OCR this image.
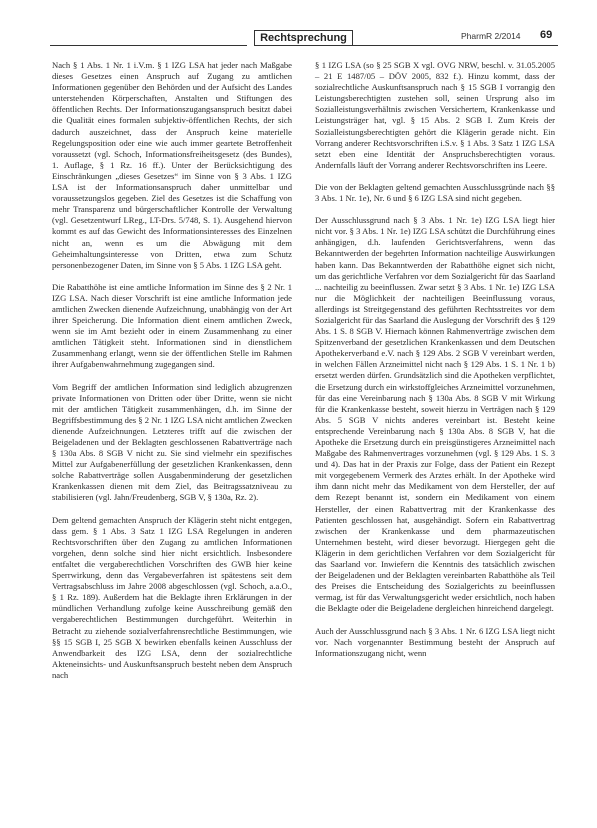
Rechtsprechung	PharmR 2/2014 69

Nach § 1 Abs. 1 Nr. 1 i.V.m. § 1 IZG LSA hat jeder nach Maßgabe dieses Gesetzes einen Anspruch auf Zugang zu amtlichen Informationen gegenüber den Behörden und der Aufsicht des Landes unterstehenden Körperschaften, Anstalten und Stiftungen des öffentlichen Rechts. Der Informationszugangsanspruch besitzt dabei die Qualität eines formalen subjektiv-öffentlichen Rechts, der sich dadurch auszeichnet, dass der Anspruch keine materielle Regelungsposition oder eine wie auch immer geartete Betroffenheit voraussetzt (vgl. Schoch, Informationsfreiheitsgesetz (des Bundes), 1. Auflage, § 1 Rz. 16 ff.). Unter der Berücksichtigung des Einschränkungen „dieses Gesetzes“ im Sinne von § 3 Abs. 1 IZG LSA ist der Informationsanspruch daher unmittelbar und voraussetzungslos gegeben. Ziel des Gesetzes ist die Schaffung von mehr Transparenz und bürgerschaftlicher Kontrolle der Verwaltung (vgl. Gesetzentwurf LReg., LT-Drs. 5/748, S. 1). Ausgehend hiervon kommt es auf das Gewicht des Informationsinteresses des Einzelnen nicht an, wenn es um die Abwägung mit dem Geheimhaltungsinteresse von Dritten, etwa zum Schutz personenbezogener Daten, im Sinne von § 5 Abs. 1 IZG LSA geht.

Die Rabatthöhe ist eine amtliche Information im Sinne des § 2 Nr. 1 IZG LSA. Nach dieser Vorschrift ist eine amtliche Information jede amtlichen Zwecken dienende Aufzeichnung, unabhängig von der Art ihrer Speicherung. Die Information dient einem amtlichen Zweck, wenn sie im Amt bezieht oder in einem Zusammenhang zu einer amtlichen Tätigkeit steht. Informationen sind in dienstlichem Zusammenhang erlangt, wenn sie der öffentlichen Stelle im Rahmen ihrer Aufgabenwahrnehmung zugegangen sind.

Vom Begriff der amtlichen Information sind lediglich abzugrenzen private Informationen von Dritten oder über Dritte, wenn sie nicht mit der amtlichen Tätigkeit zusammenhängen, d.h. im Sinne der Begriffsbestimmung des § 2 Nr. 1 IZG LSA nicht amtlichen Zwecken dienende Aufzeichnungen. Letzteres trifft auf die zwischen der Beigeladenen und der Beklagten geschlossenen Rabattverträge nach § 130a Abs. 8 SGB V nicht zu. Sie sind vielmehr ein spezifisches Mittel zur Aufgabenerfüllung der gesetzlichen Krankenkassen, denn solche Rabattverträge sollen Ausgabenminderung der gesetzlichen Krankenkassen dienen mit dem Ziel, das Beitragssatzniveau zu stabilisieren (vgl. Jahn/Freudenberg, SGB V, § 130a, Rz. 2).

Dem geltend gemachten Anspruch der Klägerin steht nicht entgegen, dass gem. § 1 Abs. 3 Satz 1 IZG LSA Regelungen in anderen Rechtsvorschriften über den Zugang zu amtlichen Informationen vorgehen, denn solche sind hier nicht ersichtlich. Insbesondere entfaltet die vergaberechtlichen Vorschriften des GWB hier keine Sperrwirkung, denn das Vergabeverfahren ist spätestens seit dem Vertragsabschluss im Jahre 2008 abgeschlossen (vgl. Schoch, a.a.O., § 1 Rz. 189). Außerdem hat die Beklagte ihren Erklärungen in der mündlichen Verhandlung zufolge keine Ausschreibung gemäß den vergaberechtlichen Bestimmungen durchgeführt. Weiterhin in Betracht zu ziehende sozialverfahrensrechtliche Bestimmungen, wie §§ 15 SGB I, 25 SGB X bewirken ebenfalls keinen Ausschluss der Anwendbarkeit des IZG LSA, denn der sozialrechtliche Akteneinsichts- und Auskunftsanspruch besteht neben dem Anspruch nach

§ 1 IZG LSA (so § 25 SGB X vgl. OVG NRW, beschl. v. 31.05.2005 – 21 E 1487/05 – DÖV 2005, 832 f.). Hinzu kommt, dass der sozialrechtliche Auskunftsanspruch nach § 15 SGB I vorrangig den Leistungsberechtigten zustehen soll, seinen Ursprung also im Sozialleistungsverhältnis zwischen Versichertem, Krankenkasse und Leistungsträger hat, vgl. § 15 Abs. 2 SGB I. Zum Kreis der Sozialleistungsberechtigten gehört die Klägerin gerade nicht. Ein Vorrang anderer Rechtsvorschriften i.S.v. § 1 Abs. 3 Satz 1 IZG LSA setzt eben eine Identität der Anspruchsberechtigten voraus. Andernfalls läuft der Vorrang anderer Rechtsvorschriften ins Leere.

Die von der Beklagten geltend gemachten Ausschlussgründe nach §§ 3 Abs. 1 Nr. 1e), Nr. 6 und § 6 IZG LSA sind nicht gegeben.

Der Ausschlussgrund nach § 3 Abs. 1 Nr. 1e) IZG LSA liegt hier nicht vor. § 3 Abs. 1 Nr. 1e) IZG LSA schützt die Durchführung eines anhängigen, d.h. laufenden Gerichtsverfahrens, wenn das Bekanntwerden der begehrten Information nachteilige Auswirkungen haben kann. Das Bekanntwerden der Rabatthöhe eignet sich nicht, um das gerichtliche Verfahren vor dem Sozialgericht für das Saarland ... nachteilig zu beeinflussen. Zwar setzt § 3 Abs. 1 Nr. 1e) IZG LSA nur die Möglichkeit der nachteiligen Beeinflussung voraus, allerdings ist Streitgegenstand des geführten Rechtsstreites vor dem Sozialgericht für das Saarland die Auslegung der Vorschrift des § 129 Abs. 1 S. 8 SGB V. Hiernach können Rahmenverträge zwischen dem Spitzenverband der gesetzlichen Krankenkassen und dem Deutschen Apothekerverband e.V. nach § 129 Abs. 2 SGB V vereinbart werden, in welchen Fällen Arzneimittel nicht nach § 129 Abs. 1 S. 1 Nr. 1 b) ersetzt werden dürfen. Grundsätzlich sind die Apotheken verpflichtet, die Ersetzung durch ein wirkstoffgleiches Arzneimittel vorzunehmen, für das eine Vereinbarung nach § 130a Abs. 8 SGB V mit Wirkung für die Krankenkasse besteht, soweit hierzu in Verträgen nach § 129 Abs. 5 SGB V nichts anderes vereinbart ist. Besteht keine entsprechende Vereinbarung nach § 130a Abs. 8 SGB V, hat die Apotheke die Ersetzung durch ein preisgünstigeres Arzneimittel nach Maßgabe des Rahmenvertrages vorzunehmen (vgl. § 129 Abs. 1 S. 3 und 4). Das hat in der Praxis zur Folge, dass der Patient ein Rezept mit vorgegebenem Vermerk des Arztes erhält. In der Apotheke wird ihm dann nicht mehr das Medikament von dem Hersteller, der auf dem Rezept benannt ist, sondern ein Medikament von einem Hersteller, der einen Rabattvertrag mit der Krankenkasse des Patienten geschlossen hat, ausgehändigt. Sofern ein Rabattvertrag zwischen der Krankenkasse und dem pharmazeutischen Unternehmen besteht, wird dieser bevorzugt. Hiergegen geht die Klägerin in dem gerichtlichen Verfahren vor dem Sozialgericht für das Saarland vor. Inwiefern die Kenntnis des tatsächlich zwischen der Beigeladenen und der Beklagten vereinbarten Rabatthöhe als Teil des Preises die Entscheidung des Sozialgerichts zu beeinflussen vermag, ist für das Verwaltungsgericht weder ersichtlich, noch haben die Beklagte oder die Beigeladene dergleichen hinreichend dargelegt.

Auch der Ausschlussgrund nach § 3 Abs. 1 Nr. 6 IZG LSA liegt nicht vor. Nach vorgenannter Bestimmung besteht der Anspruch auf Informationszugang nicht, wenn
